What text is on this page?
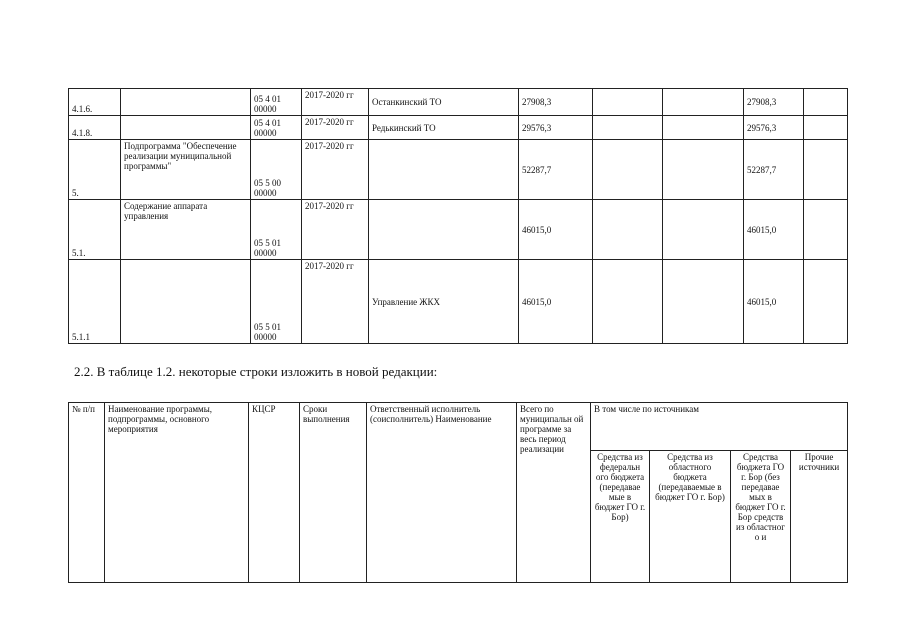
4.1.6.		05 4 01 00000	2017-2020 гг	Останкинский ТО	27908,3			27908,3	
4.1.8.		05 4 01 00000	2017-2020 гг	Редькинский ТО	29576,3			29576,3	
5.	Подпрограмма "Обеспечение реализации муниципальной программы"	05 5 00 00000	2017-2020 гг		52287,7			52287,7	
5.1.	Содержание аппарата управления	05 5 01 00000	2017-2020 гг		46015,0			46015,0	
5.1.1		05 5 01 00000	2017-2020 гг	Управление ЖКХ	46015,0			46015,0	
2.2. В таблице 1.2. некоторые строки изложить в новой редакции:
№ п/п	Наименование программы, подпрограммы, основного мероприятия	КЦСР	Сроки выполнения	Ответственный исполнитель (соисполнитель) Наименование	Всего по муниципальн ой программе за весь период реализации	В том числе по источникам			
						Средства из федеральн ого бюджета (передавае мые в бюджет ГО г. Бор)	Средства из областного бюджета (передаваемые в бюджет ГО г. Бор)	Средства бюджета ГО г. Бор (без передавае мых в бюджет ГО г. Бор средств из областног о и	Прочие источники
